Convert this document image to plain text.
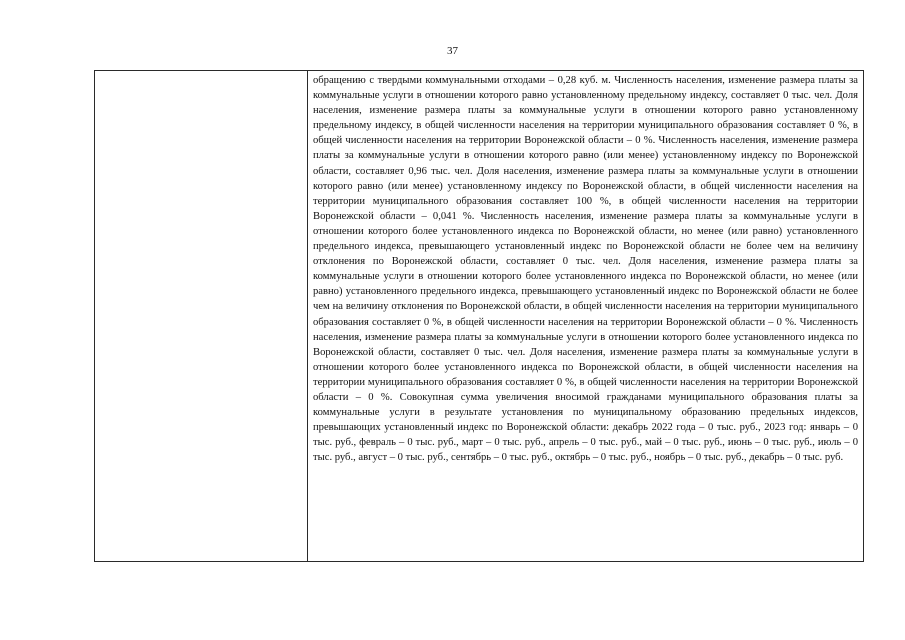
37

обращению с твердыми коммунальными отходами – 0,28 куб. м. Численность населения, изменение размера платы за коммунальные услуги в отношении которого равно установленному предельному индексу, составляет 0 тыс. чел. Доля населения, изменение размера платы за коммунальные услуги в отношении которого равно установленному предельному индексу, в общей численности населения на территории муниципального образования составляет 0 %, в общей численности населения на территории Воронежской области – 0 %. Численность населения, изменение размера платы за коммунальные услуги в отношении которого равно (или менее) установленному индексу по Воронежской области, составляет 0,96 тыс. чел. Доля населения, изменение размера платы за коммунальные услуги в отношении которого равно (или менее) установленному индексу по Воронежской области, в общей численности населения на территории муниципального образования составляет 100 %, в общей численности населения на территории Воронежской области – 0,041 %. Численность населения, изменение размера платы за коммунальные услуги в отношении которого более установленного индекса по Воронежской области, но менее (или равно) установленного предельного индекса, превышающего установленный индекс по Воронежской области не более чем на величину отклонения по Воронежской области, составляет 0 тыс. чел. Доля населения, изменение размера платы за коммунальные услуги в отношении которого более установленного индекса по Воронежской области, но менее (или равно) установленного предельного индекса, превышающего установленный индекс по Воронежской области не более чем на величину отклонения по Воронежской области, в общей численности населения на территории муниципального образования составляет 0 %, в общей численности населения на территории Воронежской области – 0 %. Численность населения, изменение размера платы за коммунальные услуги в отношении которого более установленного индекса по Воронежской области, составляет 0 тыс. чел. Доля населения, изменение размера платы за коммунальные услуги в отношении которого более установленного индекса по Воронежской области, в общей численности населения на территории муниципального образования составляет 0 %, в общей численности населения на территории Воронежской области – 0 %. Совокупная сумма увеличения вносимой гражданами муниципального образования платы за коммунальные услуги в результате установления по муниципальному образованию предельных индексов, превышающих установленный индекс по Воронежской области: декабрь 2022 года – 0 тыс. руб., 2023 год: январь – 0 тыс. руб., февраль – 0 тыс. руб., март – 0 тыс. руб., апрель – 0 тыс. руб., май – 0 тыс. руб., июнь – 0 тыс. руб., июль – 0 тыс. руб., август – 0 тыс. руб., сентябрь – 0 тыс. руб., октябрь – 0 тыс. руб., ноябрь – 0 тыс. руб., декабрь – 0 тыс. руб.
